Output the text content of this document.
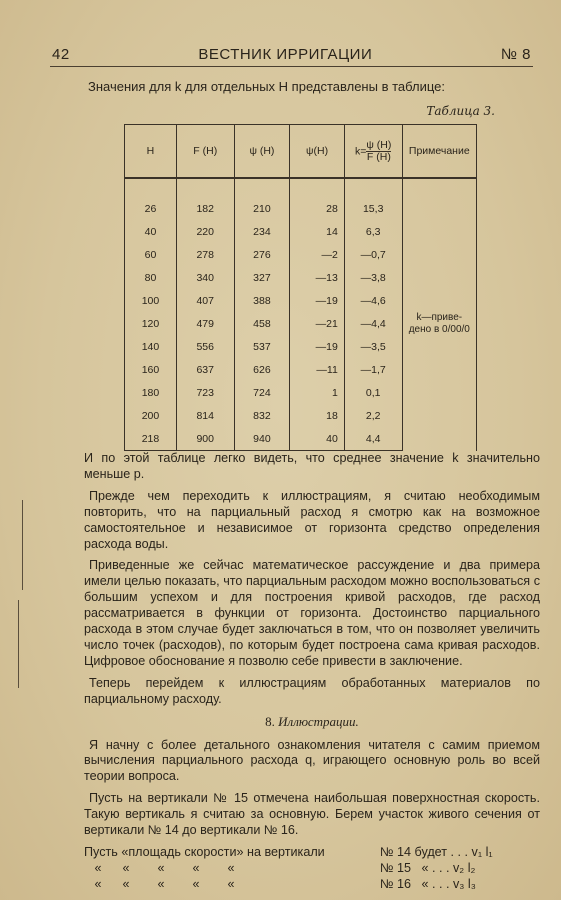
42	ВЕСТНИК ИРРИГАЦИИ	№ 8
Значения для k для отдельных H представлены в таблице:
Таблица 3.
H	F (H)	ψ (H)	ψ(H)	$k= \frac{\psi (H)}{F (H)}$	Примечание
26	182	210	28	15,3	k—приве-
дено в 0/00/0

40	220	234	14	6,3	
60	278	276	—2	—0,7	
80	340	327	—13	—3,8	
100	407	388	—19	—4,6	
120	479	458	—21	—4,4	
140	556	537	—19	—3,5	
160	637	626	—11	—1,7	
180	723	724	1	0,1	
200	814	832	18	2,2	
218	900	940	40	4,4	

И по этой таблице легко видеть, что среднее значение k значительно меньше p.

Прежде чем переходить к иллюстрациям, я считаю необходимым повторить, что на парциальный расход я смотрю как на возможное самостоятельное и независимое от горизонта средство определения расхода воды.

Приведенные же сейчас математическое рассуждение и два примера имели целью показать, что парциальным расходом можно воспользоваться с большим успехом и для построения кривой расходов, где расход рассматривается в функции от горизонта. Достоинство парциального расхода в этом случае будет заключаться в том, что он позволяет увеличить число точек (расходов), по которым будет построена сама кривая расходов. Цифровое обоснование я позволю себе привести в заключение.

Теперь перейдем к иллюстрациям обработанных материалов по парциальному расходу.

8. Иллюстрации.

Я начну с более детального ознакомления читателя с самим приемом вычисления парциального расхода q, играющего основную роль во всей теории вопроса.

Пусть на вертикали № 15 отмечена наибольшая поверхностная скорость. Такую вертикаль я считаю за основную. Берем участок живого сечения от вертикали № 14 до вертикали № 16.

Пусть «площадь скорости» на вертикали	№ 14 будет . . . v₁ l₁
«      «        «        «        «	№ 15   « . . . v₂ l₂
«      «        «        «        «	№ 16   « . . . v₃ l₃
